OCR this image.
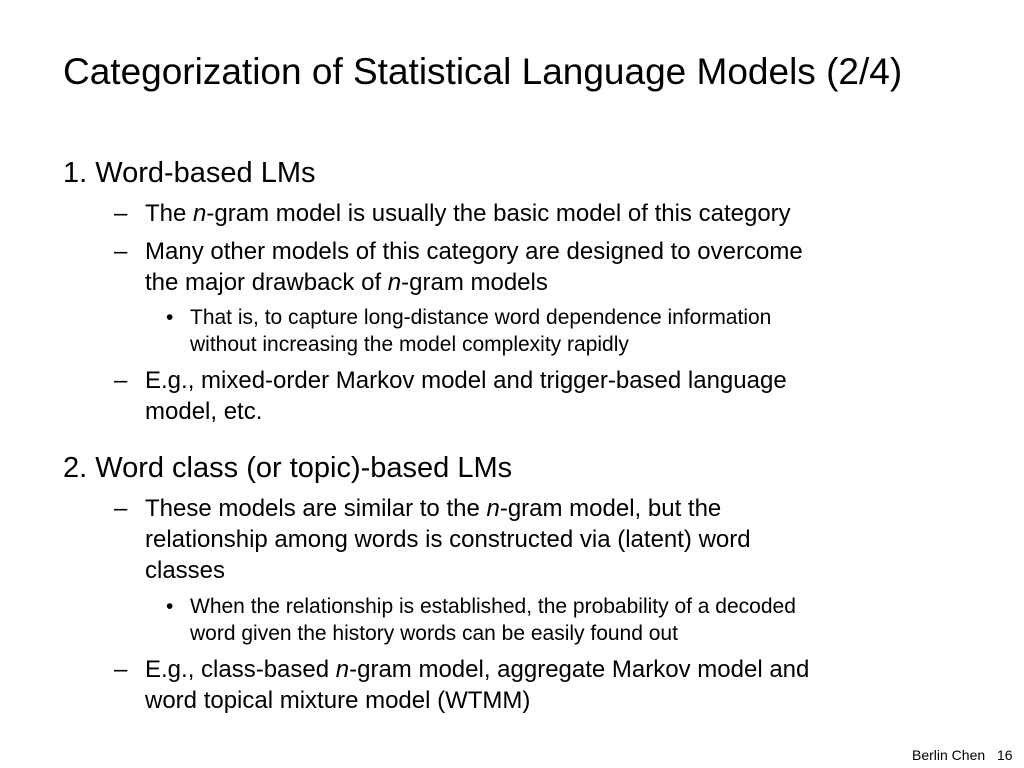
Categorization of Statistical Language Models (2/4)
1. Word-based LMs
– The n-gram model is usually the basic model of this category
– Many other models of this category are designed to overcome
the major drawback of n-gram models
• That is, to capture long-distance word dependence information
without increasing the model complexity rapidly
– E.g., mixed-order Markov model and trigger-based language
model, etc.
2. Word class (or topic)-based LMs
– These models are similar to the n-gram model, but the
relationship among words is constructed via (latent) word
classes
• When the relationship is established, the probability of a decoded
word given the history words can be easily found out
– E.g., class-based n-gram model, aggregate Markov model and
word topical mixture model (WTMM)
Berlin Chen 16
